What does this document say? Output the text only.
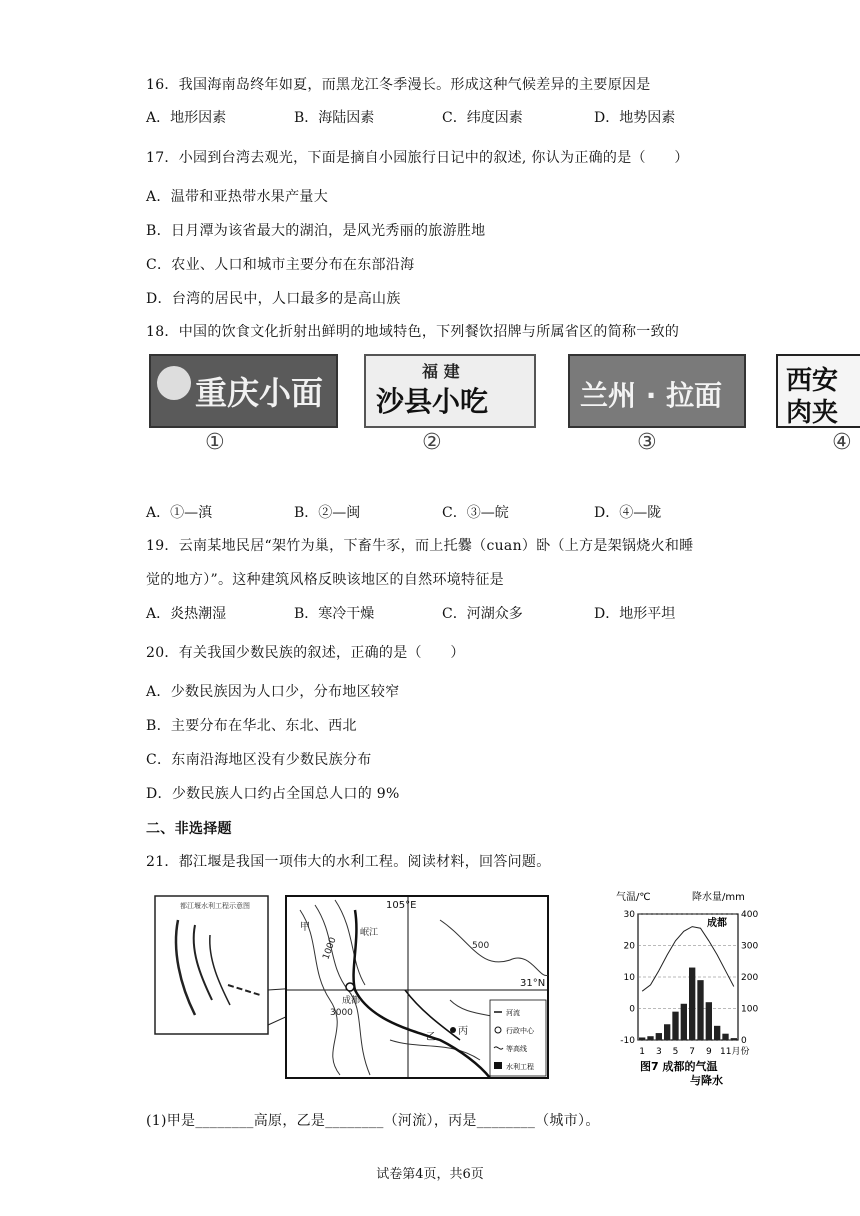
16．我国海南岛终年如夏，而黑龙江冬季漫长。形成这种气候差异的主要原因是
A．地形因素	B．海陆因素	C．纬度因素	D．地势因素
17．小园到台湾去观光，下面是摘自小园旅行日记中的叙述, 你认为正确的是（　　）
A．温带和亚热带水果产量大
B．日月潭为该省最大的湖泊，是风光秀丽的旅游胜地
C．农业、人口和城市主要分布在东部沿海
D．台湾的居民中，人口最多的是高山族
18．中国的饮食文化折射出鲜明的地域特色，下列餐饮招牌与所属省区的简称一致的
重庆小面
福 建
沙县小吃	兰州 · 拉面 西安
肉夹
①	②	③	④
A．①—滇	B．②—闽	C．③—皖	D．④—陇
19．云南某地民居“架竹为巢，下畜牛豕，而上托爨（cuan）卧（上方是架锅烧火和睡
觉的地方）”。这种建筑风格反映该地区的自然环境特征是
A．炎热潮湿	B．寒冷干燥	C．河湖众多	D．地形平坦
20．有关我国少数民族的叙述，正确的是（　　）
A．少数民族因为人口少，分布地区较窄
B．主要分布在华北、东北、西北
C．东南沿海地区没有少数民族分布
D．少数民族人口约占全国总人口的 9%
二、非选择题
21．都江堰是我国一项伟大的水利工程。阅读材料，回答问题。
都江堰水利工程示意图	105°E
31°N
岷江
1000	500
3000
成都
甲
乙
丙
河流
行政中心
等高线
水利工程
气温/℃	降水量/mm
成都
30
20
10
0
-10
400
300
200
100
0
1 3 5 7 9 11月份
图7 成都的气温
与降水
(1)甲是________高原，乙是________（河流），丙是________（城市）。
试卷第4页，共6页
